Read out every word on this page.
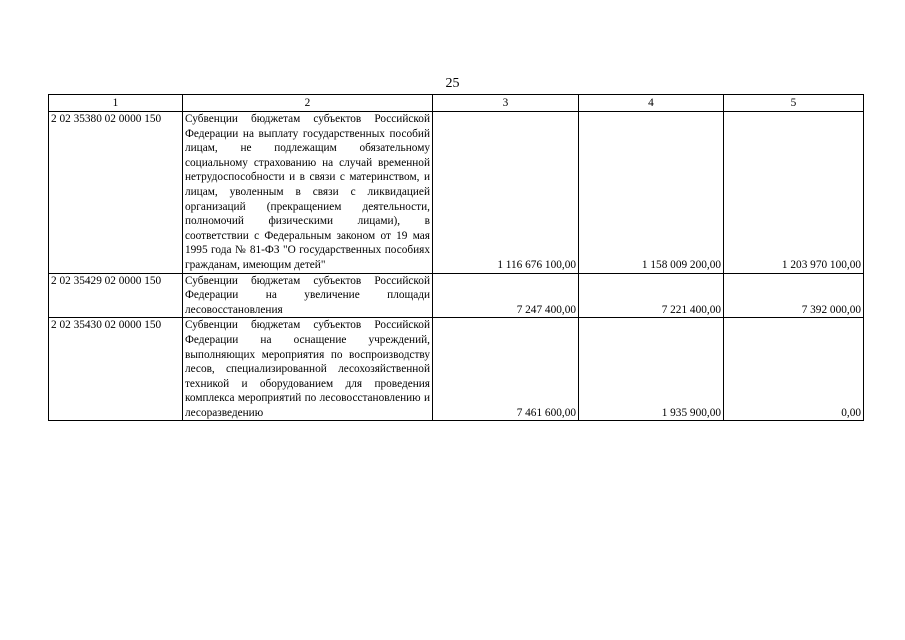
25
1	2	3	4	5
2 02 35380 02 0000 150	Субвенции бюджетам субъектов Российской Федерации на выплату государственных пособий лицам, не подлежащим обязательному социальному страхованию на случай временной нетрудоспособности и в связи с материнством, и лицам, уволенным в связи с ликвидацией организаций (прекращением деятельности, полномочий физическими лицами), в соответствии с Федеральным законом от 19 мая 1995 года № 81-ФЗ "О государственных пособиях гражданам, имеющим детей"	1 116 676 100,00	1 158 009 200,00	1 203 970 100,00
2 02 35429 02 0000 150	Субвенции бюджетам субъектов Российской Федерации на увеличение площади лесовосстановления	7 247 400,00	7 221 400,00	7 392 000,00
2 02 35430 02 0000 150	Субвенции бюджетам субъектов Российской Федерации на оснащение учреждений, выполняющих мероприятия по воспроизводству лесов, специализированной лесохозяйственной техникой и оборудованием для проведения комплекса мероприятий по лесовосстановлению и лесоразведению	7 461 600,00	1 935 900,00	0,00
